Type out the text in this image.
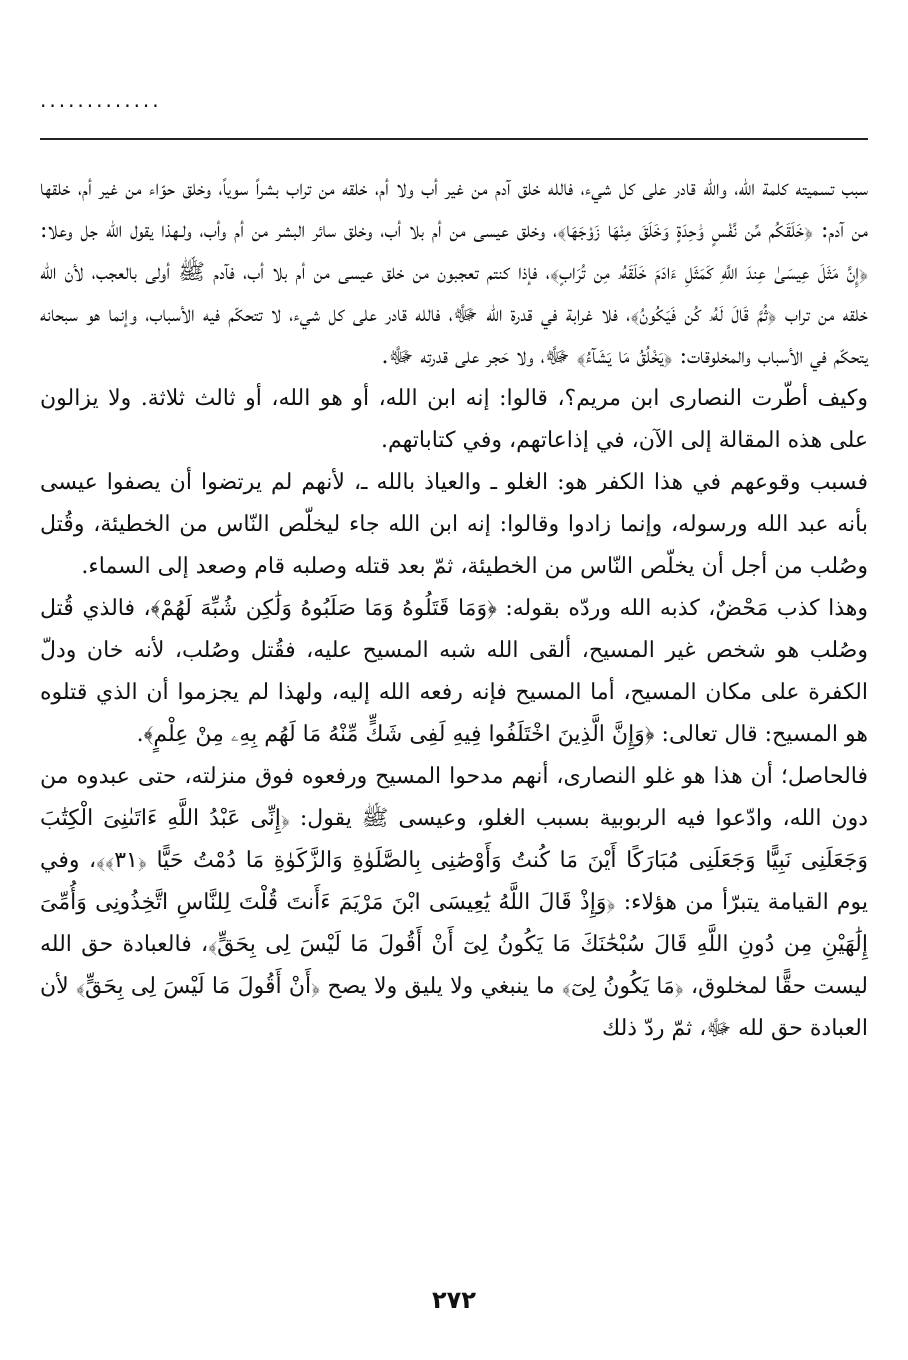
.............

سبب تسميته كلمة الله، والله قادر على كل شيء، فالله خلق آدم من غير أب ولا أم، خلقه من تراب بشراً سوياً، وخلق حوّاء من غير أم، خلقها من آدم: ﴿خَلَقَكُم مِّن نَّفْسٍ وَٰحِدَةٍ وَخَلَقَ مِنْهَا زَوْجَهَا﴾، وخلق عيسى من أم بلا أب، وخلق سائر البشر من أم وأب، ولـهذا يقول الله جل وعلا: ﴿إِنَّ مَثَلَ عِيسَىٰ عِندَ اللَّهِ كَمَثَلِ ءَادَمَ خَلَقَهُۥ مِن تُرَابٍ﴾، فإذا كنتم تعجبون من خلق عيسى من أم بلا أب، فآدم ﷺ أولى بالعجب، لأن الله خلقه من تراب ﴿ثُمَّ قَالَ لَهُۥ كُن فَيَكُونُ﴾، فلا غرابة في قدرة الله ﷻ، فالله قادر على كل شيء، لا تتحكّم فيه الأسباب، وإنما هو سبحانه يتحكّم في الأسباب والمخلوقات: ﴿يَخْلُقُ مَا يَشَآءُ﴾ ﷻ، ولا حَجر على قدرته ﷻ.

وكيف أطّرت النصارى ابن مريم؟، قالوا: إنه ابن الله، أو هو الله، أو ثالث ثلاثة. ولا يزالون على هذه المقالة إلى الآن، في إذاعاتهم، وفي كتاباتهم.

فسبب وقوعهم في هذا الكفر هو: الغلو ـ والعياذ بالله ـ، لأنهم لم يرتضوا أن يصفوا عيسى بأنه عبد الله ورسوله، وإنما زادوا وقالوا: إنه ابن الله جاء ليخلّص النّاس من الخطيئة، وقُتل وصُلب من أجل أن يخلّص النّاس من الخطيئة، ثمّ بعد قتله وصلبه قام وصعد إلى السماء.

وهذا كذب مَحْضٌ، كذبه الله وردّه بقوله: ﴿وَمَا قَتَلُوهُ وَمَا صَلَبُوهُ وَلَٰكِن شُبِّهَ لَهُمْ﴾، فالذي قُتل وصُلب هو شخص غير المسيح، ألقى الله شبه المسيح عليه، فقُتل وصُلب، لأنه خان ودلّ الكفرة على مكان المسيح، أما المسيح فإنه رفعه الله إليه، ولهذا لم يجزموا أن الذي قتلوه هو المسيح: قال تعالى: ﴿وَإِنَّ الَّذِينَ اخْتَلَفُوا فِيهِ لَفِى شَكٍّ مِّنْهُ مَا لَهُم بِهِۦ مِنْ عِلْمٍ﴾.

فالحاصل؛ أن هذا هو غلو النصارى، أنهم مدحوا المسيح ورفعوه فوق منزلته، حتى عبدوه من دون الله، وادّعوا فيه الربوبية بسبب الغلو، وعيسى ﷺ يقول: ﴿إِنِّى عَبْدُ اللَّهِ ءَاتَىٰنِىَ الْكِتَٰبَ وَجَعَلَنِى نَبِيًّا وَجَعَلَنِى مُبَارَكًا أَيْنَ مَا كُنتُ وَأَوْصَٰنِى بِالصَّلَوٰةِ وَالزَّكَوٰةِ مَا دُمْتُ حَيًّا ﴿٣١﴾﴾، وفي يوم القيامة يتبرّأ من هؤلاء: ﴿وَإِذْ قَالَ اللَّهُ يَٰعِيسَى ابْنَ مَرْيَمَ ءَأَنتَ قُلْتَ لِلنَّاسِ اتَّخِذُونِى وَأُمِّىَ إِلَٰهَيْنِ مِن دُونِ اللَّهِ قَالَ سُبْحَٰنَكَ مَا يَكُونُ لِىٓ أَنْ أَقُولَ مَا لَيْسَ لِى بِحَقٍّ﴾، فالعبادة حق الله ليست حقًّا لمخلوق، ﴿مَا يَكُونُ لِىٓ﴾ ما ينبغي ولا يليق ولا يصح ﴿أَنْ أَقُولَ مَا لَيْسَ لِى بِحَقٍّ﴾ لأن العبادة حق لله ﷻ، ثمّ ردّ ذلك

٢٧٢
